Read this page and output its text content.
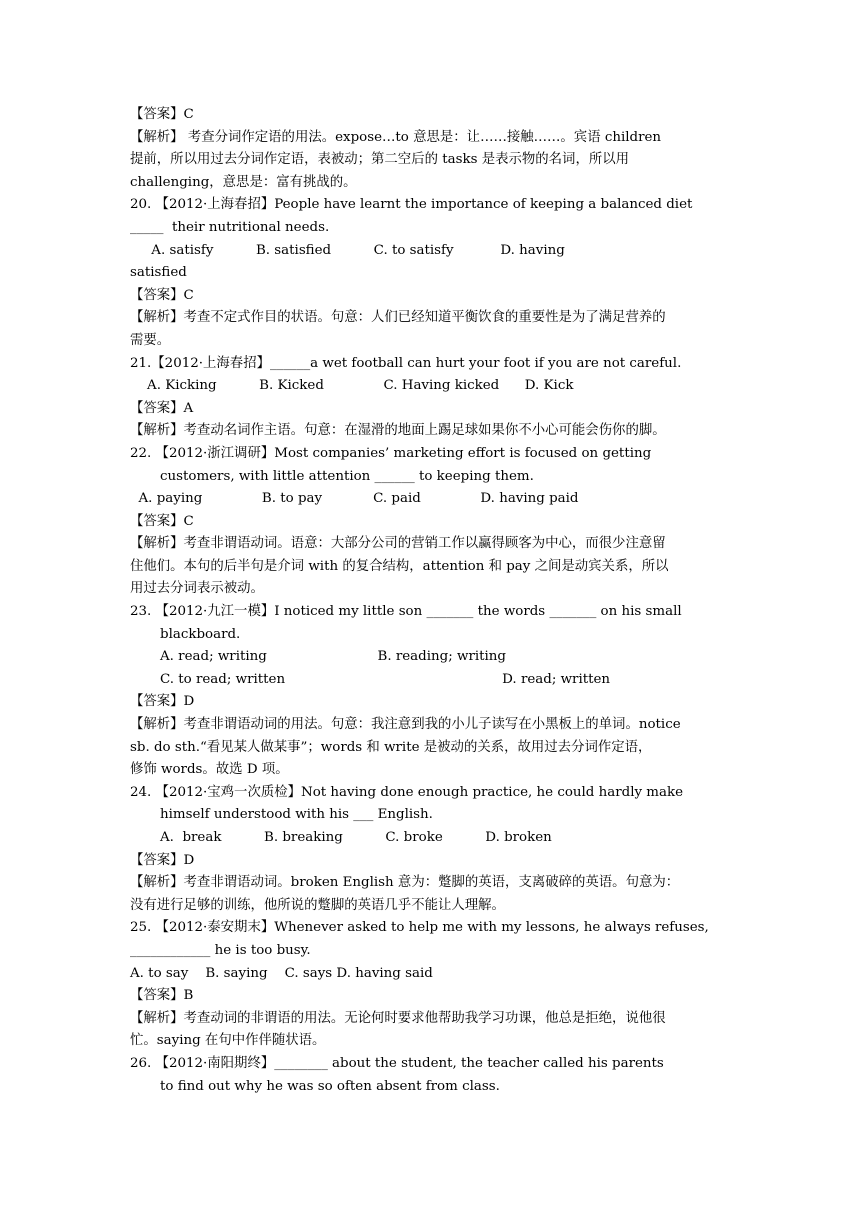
【答案】C
【解析】 考查分词作定语的用法。expose…to 意思是：让……接触……。宾语 children
提前，所以用过去分词作定语，表被动；第二空后的 tasks 是表示物的名词，所以用
challenging，意思是：富有挑战的。
20. 【2012·上海春招】People have learnt the importance of keeping a balanced diet
_____  their nutritional needs.
A. satisfy          B. satisfied          C. to satisfy           D. having
satisfied
【答案】C
【解析】考查不定式作目的状语。句意：人们已经知道平衡饮食的重要性是为了满足营养的
需要。
21.【2012·上海春招】______a wet football can hurt your foot if you are not careful.
A. Kicking          B. Kicked              C. Having kicked      D. Kick
【答案】A
【解析】考查动名词作主语。句意：在湿滑的地面上踢足球如果你不小心可能会伤你的脚。
22. 【2012·浙江调研】Most companies’ marketing effort is focused on getting
customers, with little attention ______ to keeping them.
A. paying              B. to pay            C. paid              D. having paid
【答案】C
【解析】考查非谓语动词。语意：大部分公司的营销工作以赢得顾客为中心，而很少注意留
住他们。本句的后半句是介词 with 的复合结构，attention 和 pay 之间是动宾关系，所以
用过去分词表示被动。
23. 【2012·九江一模】I noticed my little son _______ the words _______ on his small
blackboard.
A. read; writing                          B. reading; writing
C. to read; written                                                   D. read; written
【答案】D
【解析】考查非谓语动词的用法。句意：我注意到我的小儿子读写在小黑板上的单词。notice
sb. do sth.“看见某人做某事”；words 和 write 是被动的关系，故用过去分词作定语，
修饰 words。故选 D 项。
24. 【2012·宝鸡一次质检】Not having done enough practice, he could hardly make
himself understood with his ___ English.
A.  break          B. breaking          C. broke          D. broken
【答案】D
【解析】考查非谓语动词。broken English 意为：蹩脚的英语，支离破碎的英语。句意为：
没有进行足够的训练，他所说的蹩脚的英语几乎不能让人理解。
25. 【2012·泰安期末】Whenever asked to help me with my lessons, he always refuses,
____________ he is too busy.
A. to say    B. saying    C. says D. having said
【答案】B
【解析】考查动词的非谓语的用法。无论何时要求他帮助我学习功课，他总是拒绝，说他很
忙。saying 在句中作伴随状语。
26. 【2012·南阳期终】________ about the student, the teacher called his parents
to find out why he was so often absent from class.
